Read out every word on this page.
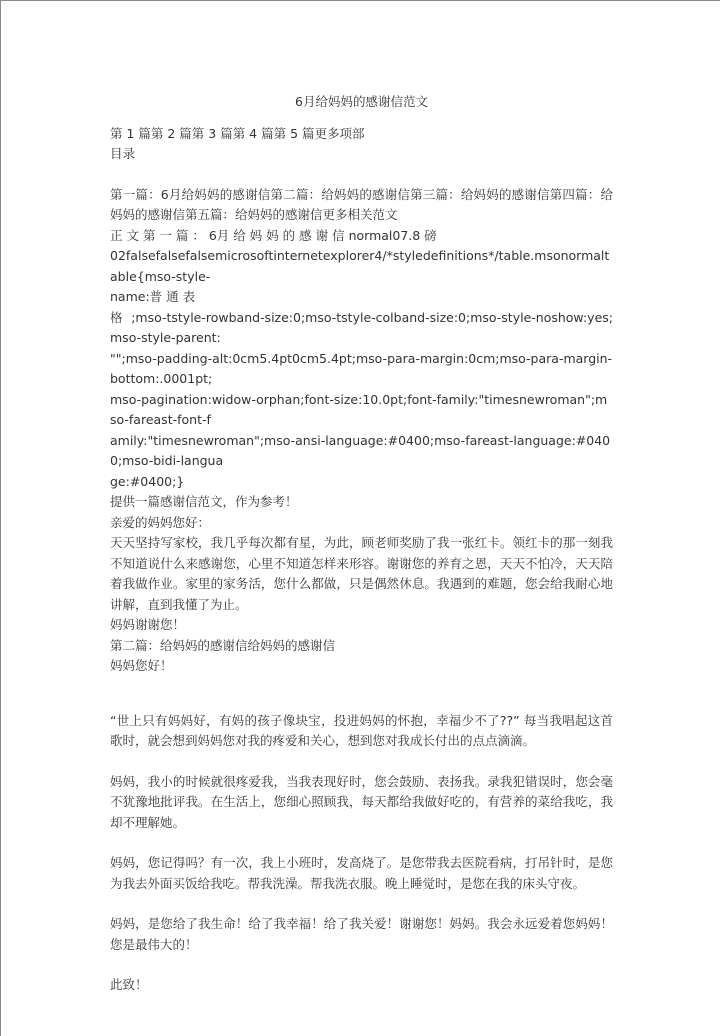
6月给妈妈的感谢信范文
第 1 篇第 2 篇第 3 篇第 4 篇第 5 篇更多项部
目录
第一篇：6月给妈妈的感谢信第二篇：给妈妈的感谢信第三篇：给妈妈的感谢信第四篇：给妈妈的感谢信第五篇：给妈妈的感谢信更多相关范文
正 文 第 一 篇 ： 6月 给 妈 妈 的 感 谢 信 normal07.8 磅
02falsefalsefalsemicrosoftinternetexplorer4/*styledefinitions*/table.msonormaltable{mso-style-
name:普 通 表
格;mso-tstyle-rowband-size:0;mso-tstyle-colband-size:0;mso-style-noshow:yes;mso-style-parent:
"";mso-padding-alt:0cm5.4pt0cm5.4pt;mso-para-margin:0cm;mso-para-margin-bottom:.0001pt;
mso-pagination:widow-orphan;font-size:10.0pt;font-family:"timesnewroman";mso-fareast-font-f
amily:"timesnewroman";mso-ansi-language:#0400;mso-fareast-language:#0400;mso-bidi-langua
ge:#0400;}
提供一篇感谢信范文，作为参考！
亲爱的妈妈您好：
天天坚持写家校，我几乎每次都有星，为此，顾老师奖励了我一张红卡。领红卡的那一刻我不知道说什么来感谢您，心里不知道怎样来形容。谢谢您的养育之恩，天天不怕冷，天天陪着我做作业。家里的家务活，您什么都做，只是偶然休息。我遇到的难题，您会给我耐心地讲解，直到我懂了为止。
妈妈谢谢您！
第二篇：给妈妈的感谢信给妈妈的感谢信
妈妈您好！
“世上只有妈妈好，有妈的孩子像块宝，投进妈妈的怀抱，幸福少不了??” 每当我唱起这首歌时，就会想到妈妈您对我的疼爱和关心，想到您对我成长付出的点点滴滴。
妈妈，我小的时候就很疼爱我，当我表现好时，您会鼓励、表扬我。录我犯错误时，您会毫不犹豫地批评我。在生活上，您细心照顾我，每天都给我做好吃的，有营养的菜给我吃，我却不理解她。
妈妈，您记得吗？有一次，我上小班时，发高烧了。是您带我去医院看病，打吊针时，是您为我去外面买饭给我吃。帮我洗澡。帮我洗衣服。晚上睡觉时，是您在我的床头守夜。
妈妈，是您给了我生命！给了我幸福！给了我关爱！谢谢您！妈妈。我会永远爱着您妈妈！您是最伟大的！
此致！
